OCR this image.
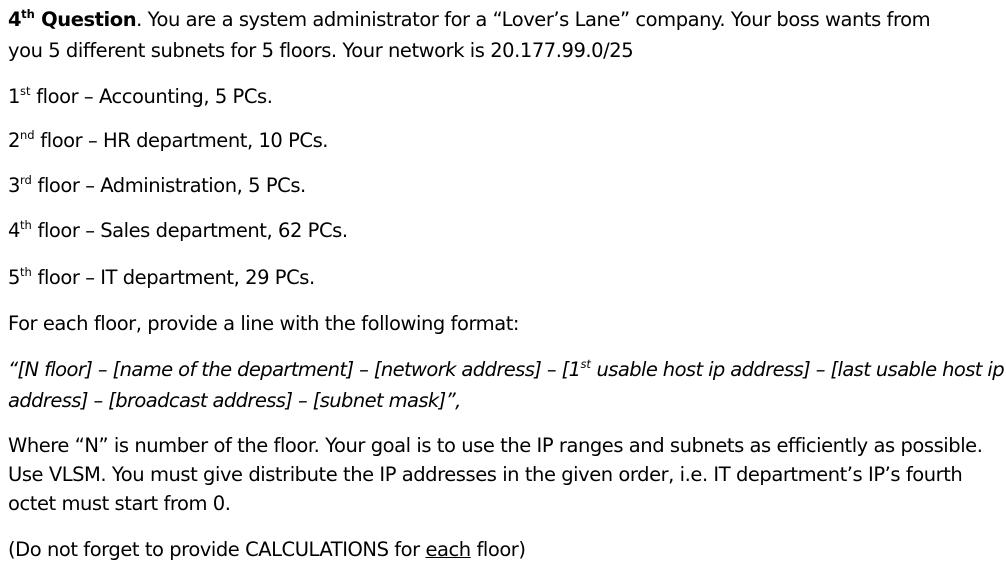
4th Question. You are a system administrator for a “Lover’s Lane” company. Your boss wants from
you 5 different subnets for 5 floors. Your network is 20.177.99.0/25
1st floor – Accounting, 5 PCs.
2nd floor – HR department, 10 PCs.
3rd floor – Administration, 5 PCs.
4th floor – Sales department, 62 PCs.
5th floor – IT department, 29 PCs.
For each floor, provide a line with the following format:
“[N floor] – [name of the department] – [network address] – [1st usable host ip address] – [last usable host ip
address] – [broadcast address] – [subnet mask]”,
Where “N” is number of the floor. Your goal is to use the IP ranges and subnets as efficiently as possible.
Use VLSM. You must give distribute the IP addresses in the given order, i.e. IT department’s IP’s fourth
octet must start from 0.
(Do not forget to provide CALCULATIONS for each floor)
